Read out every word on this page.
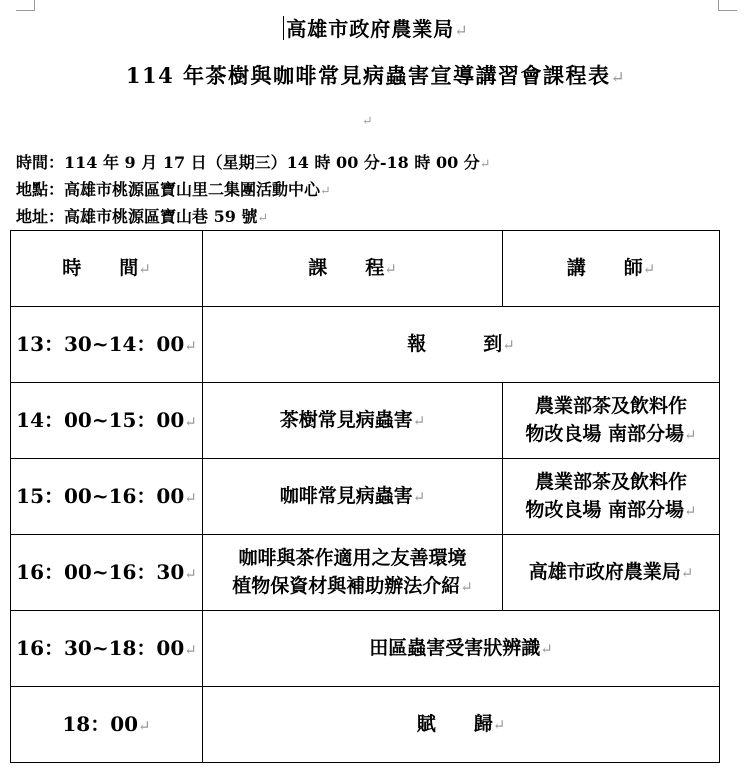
高雄市政府農業局↵
114 年茶樹與咖啡常見病蟲害宣導講習會課程表↵
↵
時間：114 年 9 月 17 日（星期三）14 時 00 分-18 時 00 分↵
地點：高雄市桃源區寶山里二集團活動中心↵
地址：高雄市桃源區寶山巷 59 號↵
時　　間↵	課　　程↵	講　　師↵
13：30~14：00↵	報　　　到↵	
14：00~15：00↵	茶樹常見病蟲害↵	農業部茶及飲料作
物改良場 南部分場↵
15：00~16：00↵	咖啡常見病蟲害↵	農業部茶及飲料作
物改良場 南部分場↵
16：00~16：30↵	咖啡與茶作適用之友善環境
植物保資材與補助辦法介紹↵	高雄市政府農業局↵
16：30~18：00↵	田區蟲害受害狀辨識↵	
18：00↵	賦　　歸↵	
